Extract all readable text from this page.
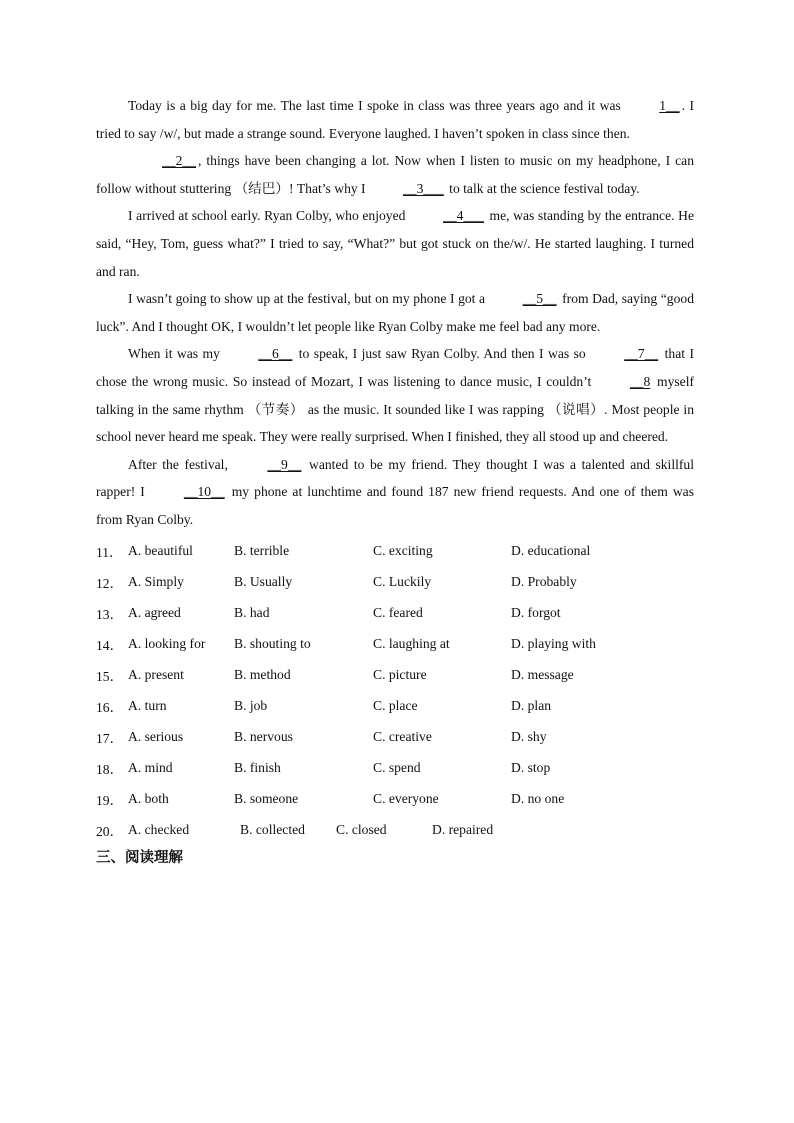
Today is a big day for me. The last time I spoke in class was three years ago and it was	1__ . I tried to say /w/, but made a strange sound. Everyone laughed. I haven’t spoken in class since then.

__2__ , things have been changing a lot. Now when I listen to music on my headphone, I can follow without stuttering （结巴）! That’s why I	__3___ to talk at the science festival today.

I arrived at school early. Ryan Colby, who enjoyed	__4___ me, was standing by the entrance. He said, “Hey, Tom, guess what?” I tried to say, “What?” but got stuck on the/w/. He started laughing. I turned and ran.

I wasn’t going to show up at the festival, but on my phone I got a	__5__ from Dad, saying “good luck”. And I thought OK, I wouldn’t let people like Ryan Colby make me feel bad any more.

When it was my	__6__ to speak, I just saw Ryan Colby. And then I was so	__7__ that I chose the wrong music. So instead of Mozart, I was listening to dance music, I couldn’t	__8 myself talking in the same rhythm （节奏） as the music. It sounded like I was rapping （说唱）. Most people in school never heard me speak. They were really surprised. When I finished, they all stood up and cheered.

After the festival,	__9__ wanted to be my friend. They thought I was a talented and skillful rapper! I	__10__ my phone at lunchtime and found 187 new friend requests. And one of them was from Ryan Colby.

11． A. beautiful	B. terrible	C. exciting	D. educational
12． A. Simply	B. Usually	C. Luckily	D. Probably
13． A. agreed	B. had	C. feared	D. forgot
14． A. looking for	B. shouting to	C. laughing at	D. playing with
15． A. present	B. method	C. picture	D. message
16． A. turn	B. job	C. place	D. plan
17． A. serious	B. nervous	C. creative	D. shy
18． A. mind	B. finish	C. spend	D. stop
19． A. both	B. someone	C. everyone	D. no one
20． A. checked	B. collected	C. closed	D. repaired
三、阅读理解
